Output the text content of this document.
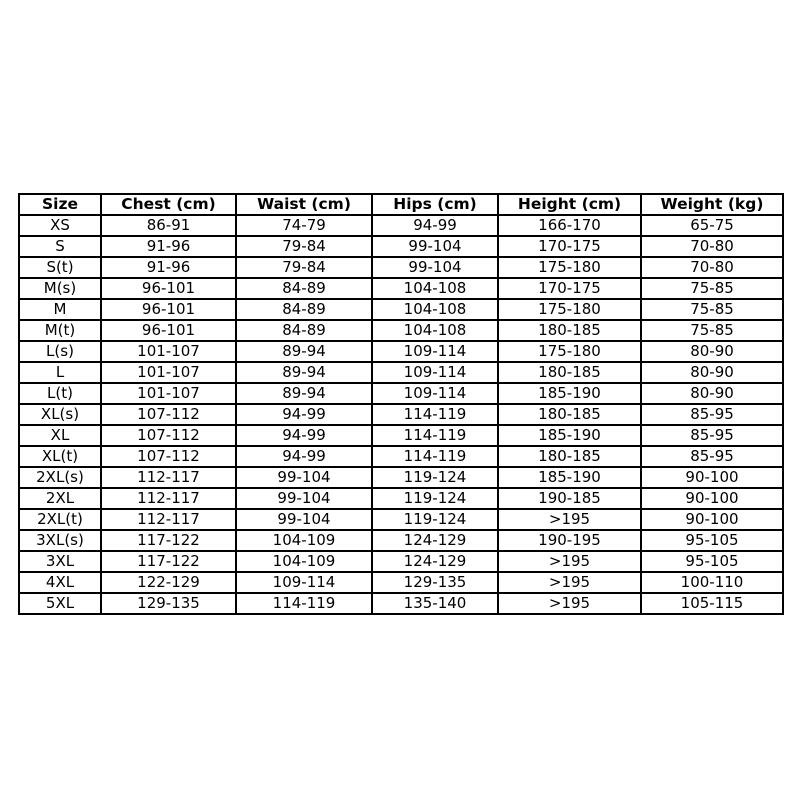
Size	Chest (cm)	Waist (cm)	Hips (cm)	Height (cm)	Weight (kg)
XS	86-91	74-79	94-99	166-170	65-75
S	91-96	79-84	99-104	170-175	70-80
S(t)	91-96	79-84	99-104	175-180	70-80
M(s)	96-101	84-89	104-108	170-175	75-85
M	96-101	84-89	104-108	175-180	75-85
M(t)	96-101	84-89	104-108	180-185	75-85
L(s)	101-107	89-94	109-114	175-180	80-90
L	101-107	89-94	109-114	180-185	80-90
L(t)	101-107	89-94	109-114	185-190	80-90
XL(s)	107-112	94-99	114-119	180-185	85-95
XL	107-112	94-99	114-119	185-190	85-95
XL(t)	107-112	94-99	114-119	180-185	85-95
2XL(s)	112-117	99-104	119-124	185-190	90-100
2XL	112-117	99-104	119-124	190-185	90-100
2XL(t)	112-117	99-104	119-124	>195	90-100
3XL(s)	117-122	104-109	124-129	190-195	95-105
3XL	117-122	104-109	124-129	>195	95-105
4XL	122-129	109-114	129-135	>195	100-110
5XL	129-135	114-119	135-140	>195	105-115
